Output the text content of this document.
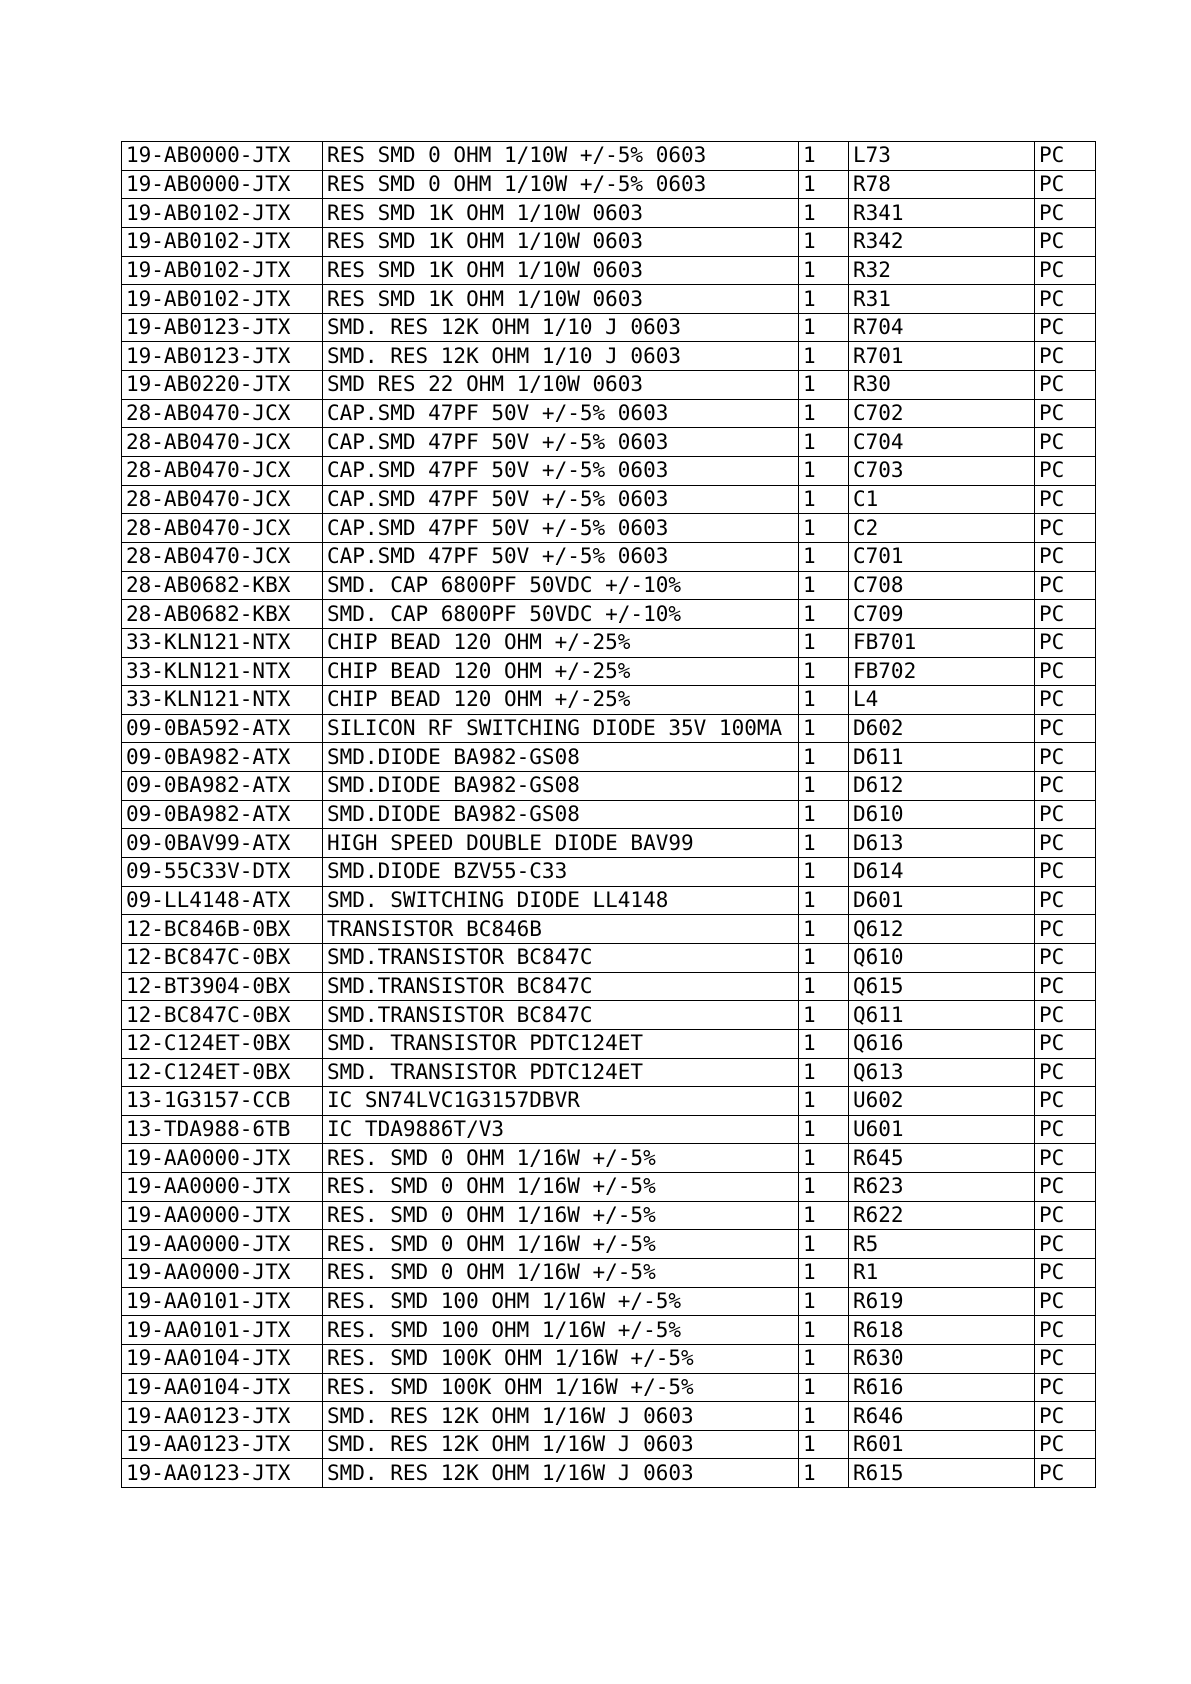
19-AB0000-JTX	RES SMD 0 OHM 1/10W +/-5% 0603	1	L73	PC
19-AB0000-JTX	RES SMD 0 OHM 1/10W +/-5% 0603	1	R78	PC
19-AB0102-JTX	RES SMD 1K OHM 1/10W 0603	1	R341	PC
19-AB0102-JTX	RES SMD 1K OHM 1/10W 0603	1	R342	PC
19-AB0102-JTX	RES SMD 1K OHM 1/10W 0603	1	R32	PC
19-AB0102-JTX	RES SMD 1K OHM 1/10W 0603	1	R31	PC
19-AB0123-JTX	SMD. RES 12K OHM 1/10 J 0603	1	R704	PC
19-AB0123-JTX	SMD. RES 12K OHM 1/10 J 0603	1	R701	PC
19-AB0220-JTX	SMD RES 22 OHM 1/10W 0603	1	R30	PC
28-AB0470-JCX	CAP.SMD 47PF 50V +/-5% 0603	1	C702	PC
28-AB0470-JCX	CAP.SMD 47PF 50V +/-5% 0603	1	C704	PC
28-AB0470-JCX	CAP.SMD 47PF 50V +/-5% 0603	1	C703	PC
28-AB0470-JCX	CAP.SMD 47PF 50V +/-5% 0603	1	C1	PC
28-AB0470-JCX	CAP.SMD 47PF 50V +/-5% 0603	1	C2	PC
28-AB0470-JCX	CAP.SMD 47PF 50V +/-5% 0603	1	C701	PC
28-AB0682-KBX	SMD. CAP 6800PF 50VDC +/-10%	1	C708	PC
28-AB0682-KBX	SMD. CAP 6800PF 50VDC +/-10%	1	C709	PC
33-KLN121-NTX	CHIP BEAD 120 OHM +/-25%	1	FB701	PC
33-KLN121-NTX	CHIP BEAD 120 OHM +/-25%	1	FB702	PC
33-KLN121-NTX	CHIP BEAD 120 OHM +/-25%	1	L4	PC
09-0BA592-ATX	SILICON RF SWITCHING DIODE 35V 100MA	1	D602	PC
09-0BA982-ATX	SMD.DIODE BA982-GS08	1	D611	PC
09-0BA982-ATX	SMD.DIODE BA982-GS08	1	D612	PC
09-0BA982-ATX	SMD.DIODE BA982-GS08	1	D610	PC
09-0BAV99-ATX	HIGH SPEED DOUBLE DIODE BAV99	1	D613	PC
09-55C33V-DTX	SMD.DIODE BZV55-C33	1	D614	PC
09-LL4148-ATX	SMD. SWITCHING DIODE LL4148	1	D601	PC
12-BC846B-0BX	TRANSISTOR BC846B	1	Q612	PC
12-BC847C-0BX	SMD.TRANSISTOR BC847C	1	Q610	PC
12-BT3904-0BX	SMD.TRANSISTOR BC847C	1	Q615	PC
12-BC847C-0BX	SMD.TRANSISTOR BC847C	1	Q611	PC
12-C124ET-0BX	SMD. TRANSISTOR PDTC124ET	1	Q616	PC
12-C124ET-0BX	SMD. TRANSISTOR PDTC124ET	1	Q613	PC
13-1G3157-CCB	IC SN74LVC1G3157DBVR	1	U602	PC
13-TDA988-6TB	IC TDA9886T/V3	1	U601	PC
19-AA0000-JTX	RES. SMD 0 OHM 1/16W +/-5%	1	R645	PC
19-AA0000-JTX	RES. SMD 0 OHM 1/16W +/-5%	1	R623	PC
19-AA0000-JTX	RES. SMD 0 OHM 1/16W +/-5%	1	R622	PC
19-AA0000-JTX	RES. SMD 0 OHM 1/16W +/-5%	1	R5	PC
19-AA0000-JTX	RES. SMD 0 OHM 1/16W +/-5%	1	R1	PC
19-AA0101-JTX	RES. SMD 100 OHM 1/16W +/-5%	1	R619	PC
19-AA0101-JTX	RES. SMD 100 OHM 1/16W +/-5%	1	R618	PC
19-AA0104-JTX	RES. SMD 100K OHM 1/16W +/-5%	1	R630	PC
19-AA0104-JTX	RES. SMD 100K OHM 1/16W +/-5%	1	R616	PC
19-AA0123-JTX	SMD. RES 12K OHM 1/16W J 0603	1	R646	PC
19-AA0123-JTX	SMD. RES 12K OHM 1/16W J 0603	1	R601	PC
19-AA0123-JTX	SMD. RES 12K OHM 1/16W J 0603	1	R615	PC
